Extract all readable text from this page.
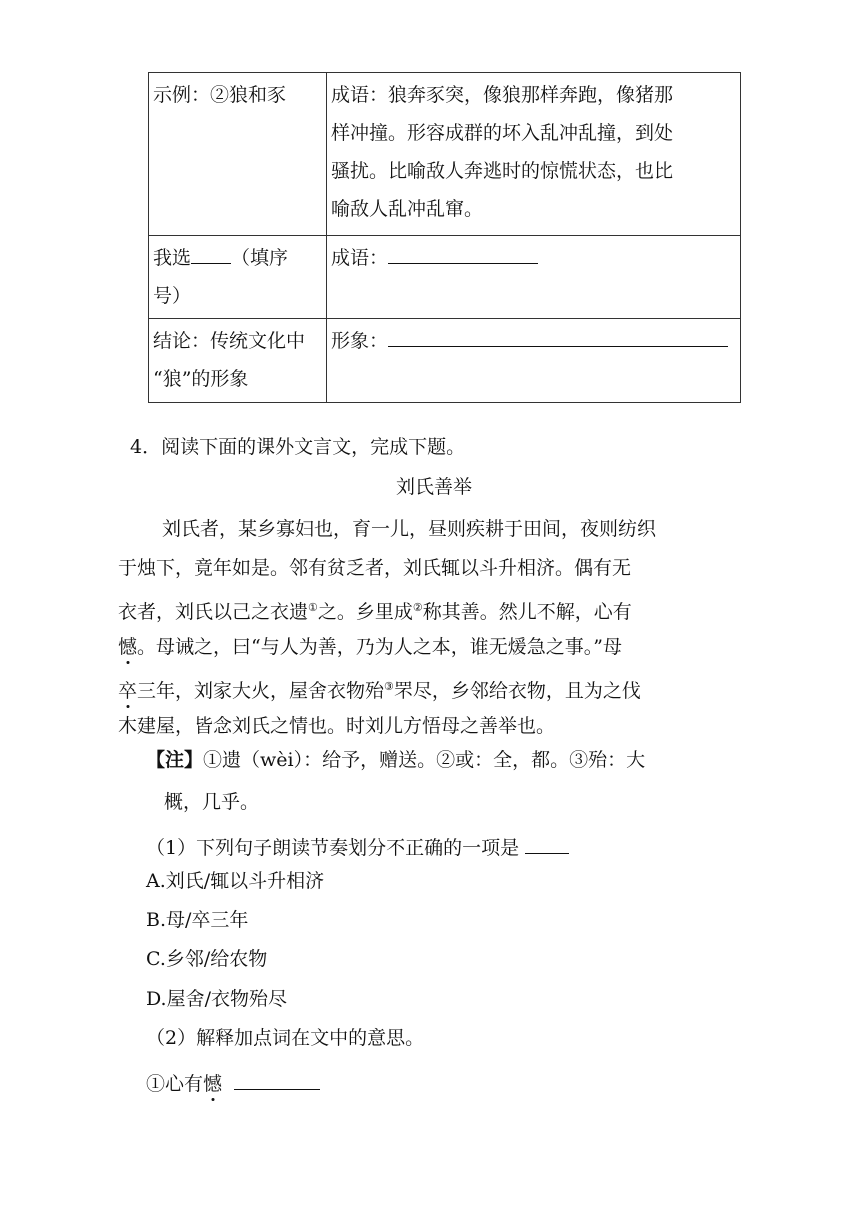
示例：②狼和豕	成语：狼奔豕突，像狼那样奔跑，像猪那
样冲撞。形容成群的坏入乱冲乱撞，到处
骚扰。比喻敌人奔逃时的惊慌状态，也比
喻敌人乱冲乱窜。

我选 （填序
号）	成语：
结论：传统文化中
“狼”的形象	形象：
4．阅读下面的课外文言文，完成下题。
刘氏善举
刘氏者，某乡寡妇也，育一儿，昼则疾耕于田间，夜则纺织
于烛下，竟年如是。邻有贫乏者，刘氏辄以斗升相济。偶有无
衣者，刘氏以己之衣遗①之。乡里成②称其善。然儿不解，心有
憾。母诫之，曰“与人为善，乃为人之本，谁无煖急之事。”母
卒三年，刘家大火，屋舍衣物殆③罘尽，乡邻给衣物，且为之伐
木建屋，皆念刘氏之情也。时刘儿方悟母之善举也。
【注】①遗（wèi）：给予，赠送。②或：全，都。③殆：大
概，几乎。
（1）下列句子朗读节奏划分不正确的一项是
A.刘氏/辄以斗升相济
B.母/卒三年
C.乡邻/给农物
D.屋舍/衣物殆尽
（2）解释加点词在文中的意思。
①心有憾
